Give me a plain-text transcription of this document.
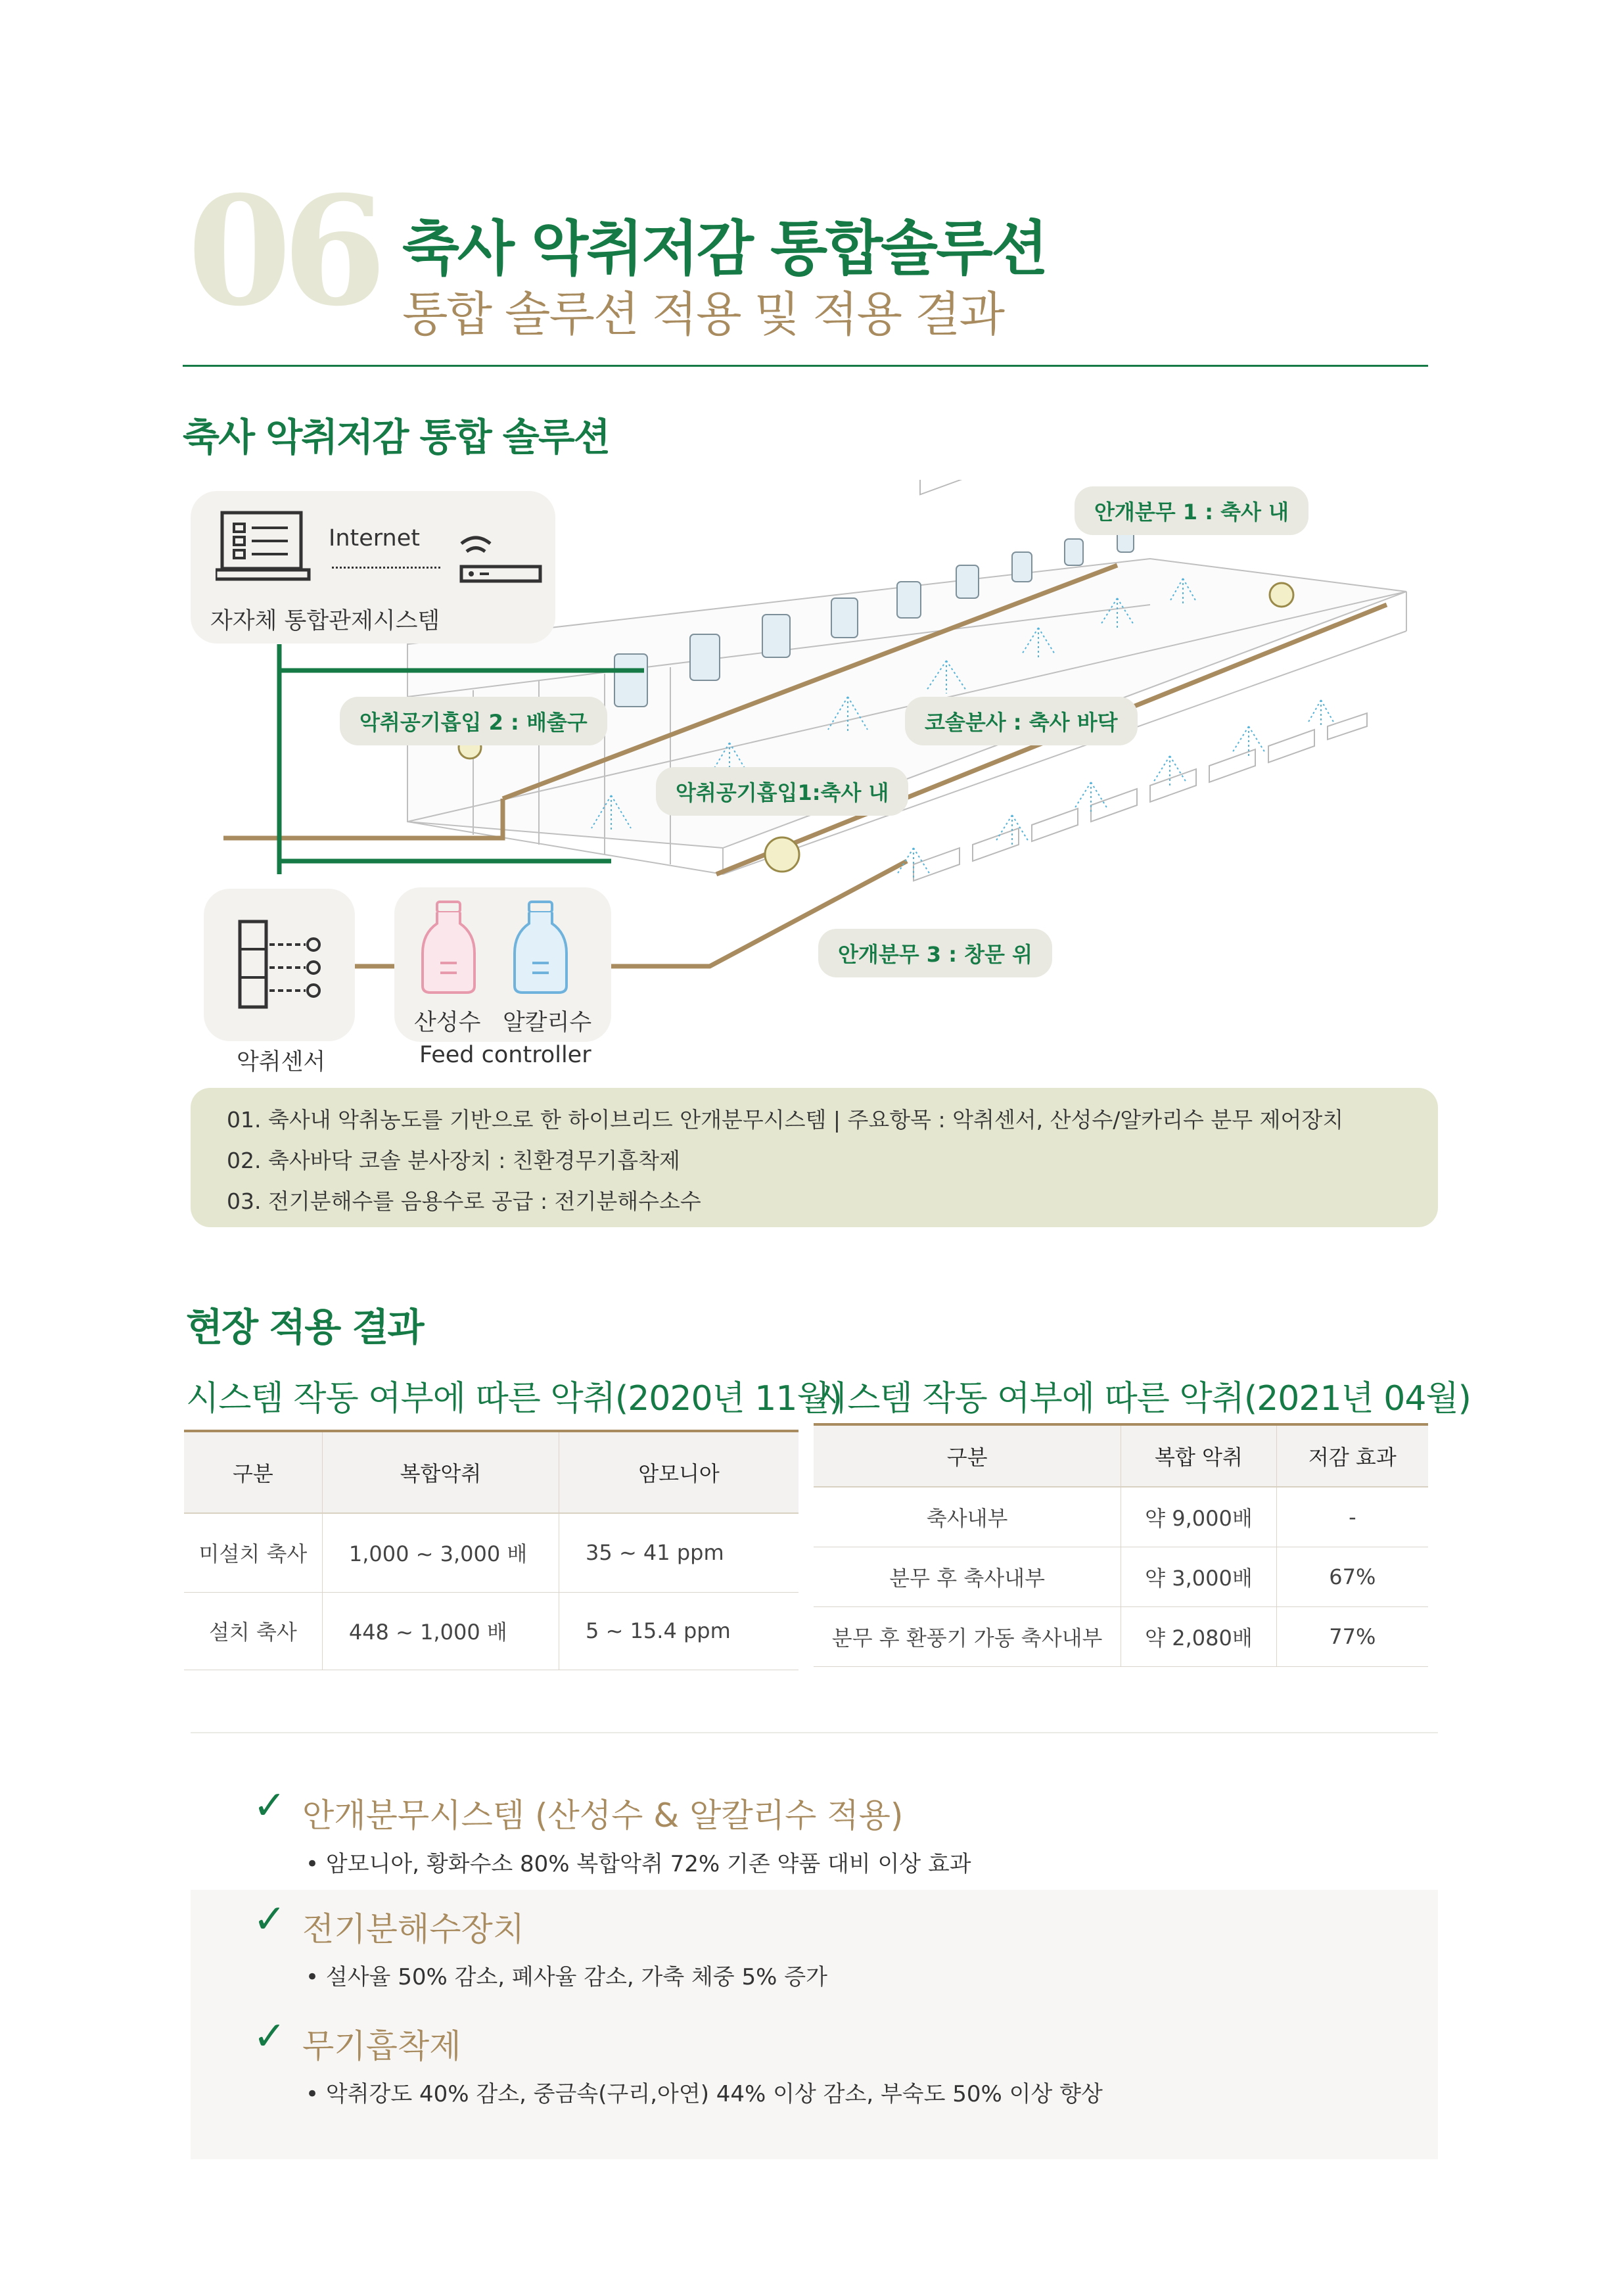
06 축사 악취저감 통합솔루션
통합 솔루션 적용 및 적용 결과
축사 악취저감 통합 솔루션
Internet
자자체 통합관제시스템
악취센서
산성수 알칼리수
Feed controller
안개분무 1 : 축사 내
악취공기흡입 2 : 배출구	코솔분사 : 축사 바닥
악취공기흡입1:축사 내
안개분무 3 : 창문 위
01. 축사내 악취농도를 기반으로 한 하이브리드 안개분무시스템 | 주요항목 : 악취센서, 산성수/알카리수 분무 제어장치
02. 축사바닥 코솔 분사장치 : 친환경무기흡착제
03. 전기분해수를 음용수로 공급 : 전기분해수소수
현장 적용 결과
시스템 작동 여부에 따른 악취(2020년 11월)
구분	복합악취	암모니아
미설치 축사	1,000 ~ 3,000 배	35 ~ 41 ppm
설치 축사	448 ~ 1,000 배	5 ~ 15.4 ppm
시스템 작동 여부에 따른 악취(2021년 04월)
구분	복합 악취	저감 효과
축사내부	약 9,000배	-
분무 후 축사내부	약 3,000배	67%
분무 후 환풍기 가동 축사내부	약 2,080배	77%
✓ 안개분무시스템 (산성수 & 알칼리수 적용)
• 암모니아, 황화수소 80% 복합악취 72% 기존 약품 대비 이상 효과
✓ 전기분해수장치
• 설사율 50% 감소, 폐사율 감소, 가축 체중 5% 증가
✓ 무기흡착제
• 악취강도 40% 감소, 중금속(구리,아연) 44% 이상 감소, 부숙도 50% 이상 향상
